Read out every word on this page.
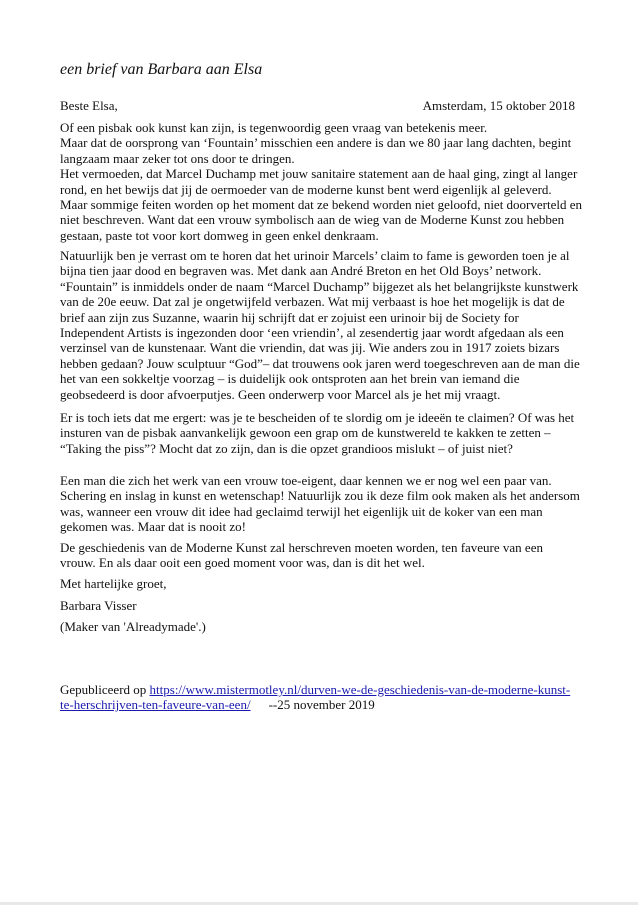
een brief van Barbara aan Elsa
Beste Elsa,	Amsterdam, 15 oktober 2018
Of een pisbak ook kunst kan zijn, is tegenwoordig geen vraag van betekenis meer.
Maar dat de oorsprong van ‘Fountain’ misschien een andere is dan we 80 jaar lang dachten, begint
langzaam maar zeker tot ons door te dringen.
Het vermoeden, dat Marcel Duchamp met jouw sanitaire statement aan de haal ging, zingt al langer
rond, en het bewijs dat jij de oermoeder van de moderne kunst bent werd eigenlijk al geleverd.
Maar sommige feiten worden op het moment dat ze bekend worden niet geloofd, niet doorverteld en
niet beschreven. Want dat een vrouw symbolisch aan de wieg van de Moderne Kunst zou hebben
gestaan, paste tot voor kort domweg in geen enkel denkraam.
Natuurlijk ben je verrast om te horen dat het urinoir Marcels’ claim to fame is geworden toen je al
bijna tien jaar dood en begraven was. Met dank aan André Breton en het Old Boys’ network.
“Fountain” is inmiddels onder de naam “Marcel Duchamp” bijgezet als het belangrijkste kunstwerk
van de 20e eeuw. Dat zal je ongetwijfeld verbazen. Wat mij verbaast is hoe het mogelijk is dat de
brief aan zijn zus Suzanne, waarin hij schrijft dat er zojuist een urinoir bij de Society for
Independent Artists is ingezonden door ‘een vriendin’, al zesendertig jaar wordt afgedaan als een
verzinsel van de kunstenaar. Want die vriendin, dat was jij. Wie anders zou in 1917 zoiets bizars
hebben gedaan? Jouw sculptuur “God”– dat trouwens ook jaren werd toegeschreven aan de man die
het van een sokkeltje voorzag – is duidelijk ook ontsproten aan het brein van iemand die
geobsedeerd is door afvoerputjes. Geen onderwerp voor Marcel als je het mij vraagt.
Er is toch iets dat me ergert: was je te bescheiden of te slordig om je ideeën te claimen? Of was het
insturen van de pisbak aanvankelijk gewoon een grap om de kunstwereld te kakken te zetten –
“Taking the piss”? Mocht dat zo zijn, dan is die opzet grandioos mislukt – of juist niet?
Een man die zich het werk van een vrouw toe-eigent, daar kennen we er nog wel een paar van.
Schering en inslag in kunst en wetenschap! Natuurlijk zou ik deze film ook maken als het andersom
was, wanneer een vrouw dit idee had geclaimd terwijl het eigenlijk uit de koker van een man
gekomen was. Maar dat is nooit zo!
De geschiedenis van de Moderne Kunst zal herschreven moeten worden, ten faveure van een
vrouw. En als daar ooit een goed moment voor was, dan is dit het wel.
Met hartelijke groet,
Barbara Visser
(Maker van 'Alreadymade'.)
Gepubliceerd op https://www.mistermotley.nl/durven-we-de-geschiedenis-van-de-moderne-kunst-
te-herschrijven-ten-faveure-van-een/ --25 november 2019
